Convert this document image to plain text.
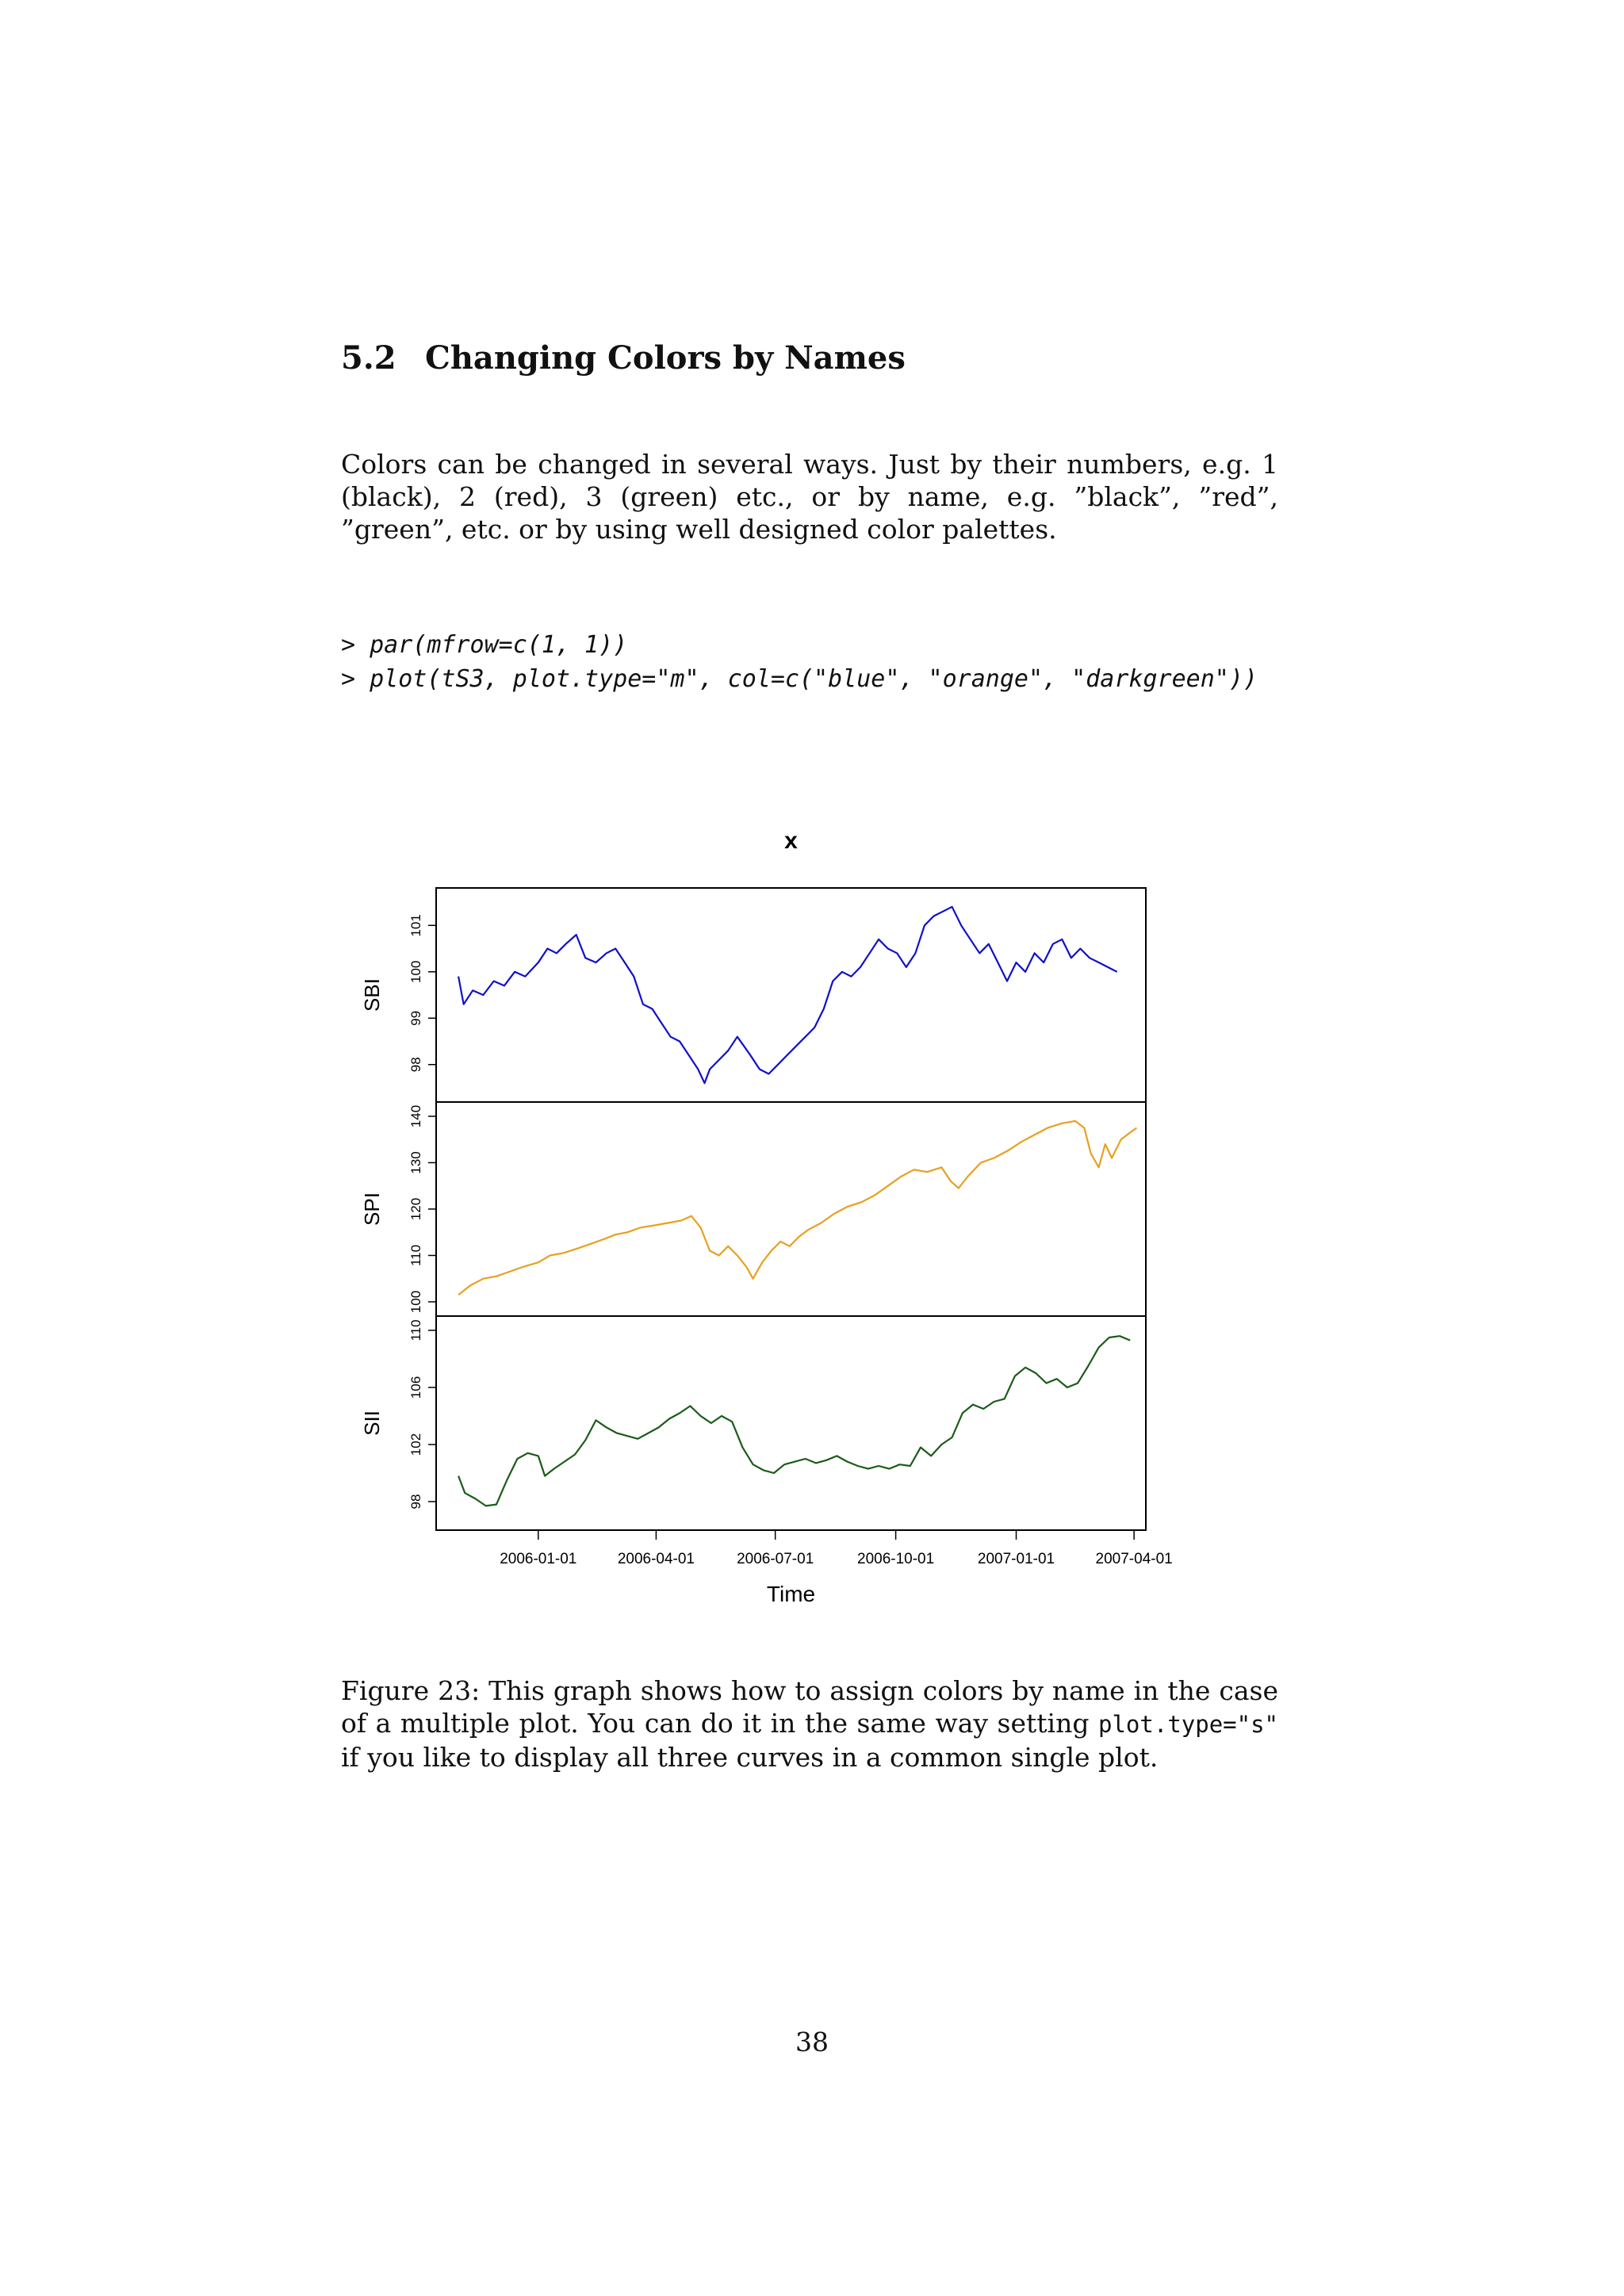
5.2 Changing Colors by Names
Colors can be changed in several ways. Just by their numbers, e.g. 1 (black), 2 (red), 3 (green) etc., or by name, e.g. ”black”, ”red”, ”green”, etc. or by using well designed color palettes.
> par(mfrow=c(1, 1))
> plot(tS3, plot.type="m", col=c("blue", "orange", "darkgreen"))
x
98
99
100
101
SBI
100
110
120
130
140
SPI
98
102
106
110
SII
2006-01-01	2006-04-01	2006-07-01	2006-10-01	2007-01-01	2007-04-01
Time
Figure 23: This graph shows how to assign colors by name in the case of a multiple plot. You can do it in the same way setting plot.type="s" if you like to display all three curves in a common single plot.
38
